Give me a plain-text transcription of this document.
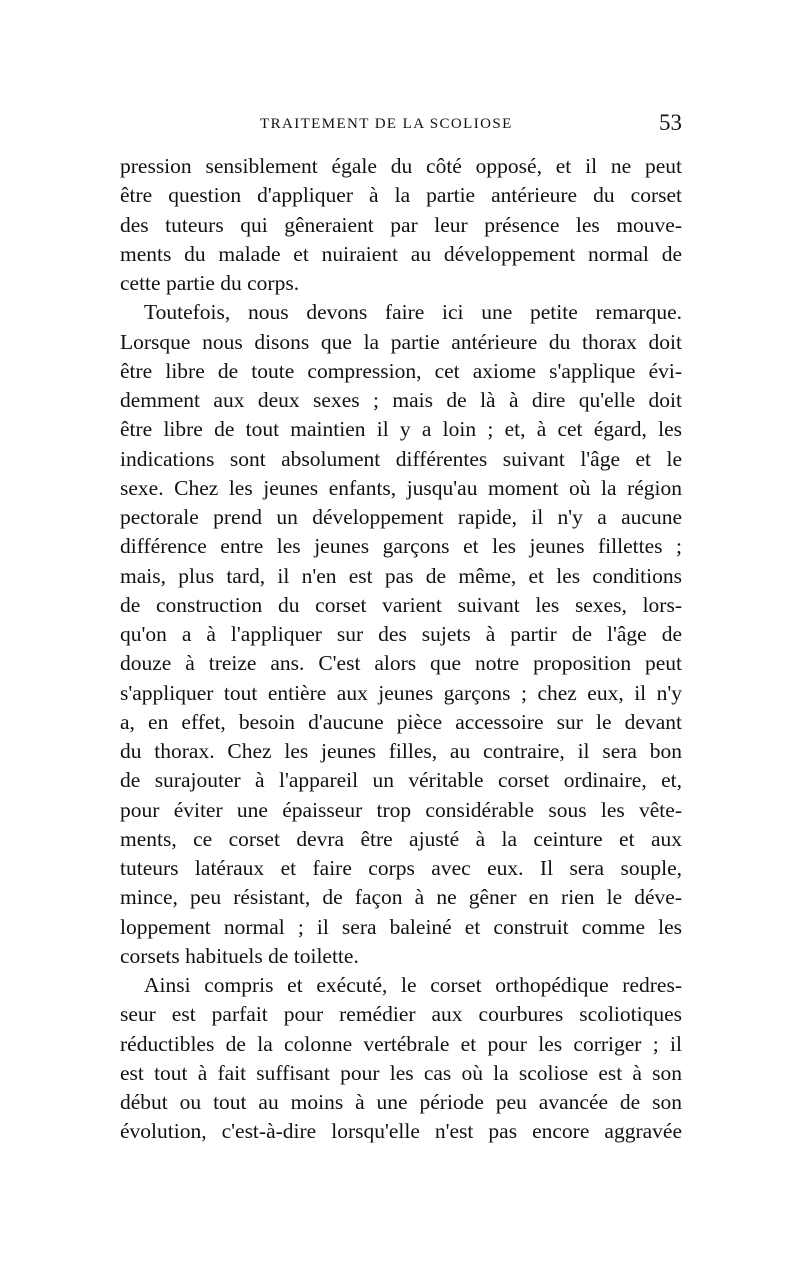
TRAITEMENT DE LA SCOLIOSE	53
pression sensiblement égale du côté opposé, et il ne peut
être question d'appliquer à la partie antérieure du corset
des tuteurs qui gêneraient par leur présence les mouve-
ments du malade et nuiraient au développement normal de
cette partie du corps.
Toutefois, nous devons faire ici une petite remarque.
Lorsque nous disons que la partie antérieure du thorax doit
être libre de toute compression, cet axiome s'applique évi-
demment aux deux sexes ; mais de là à dire qu'elle doit
être libre de tout maintien il y a loin ; et, à cet égard, les
indications sont absolument différentes suivant l'âge et le
sexe. Chez les jeunes enfants, jusqu'au moment où la région
pectorale prend un développement rapide, il n'y a aucune
différence entre les jeunes garçons et les jeunes fillettes ;
mais, plus tard, il n'en est pas de même, et les conditions
de construction du corset varient suivant les sexes, lors-
qu'on a à l'appliquer sur des sujets à partir de l'âge de
douze à treize ans. C'est alors que notre proposition peut
s'appliquer tout entière aux jeunes garçons ; chez eux, il n'y
a, en effet, besoin d'aucune pièce accessoire sur le devant
du thorax. Chez les jeunes filles, au contraire, il sera bon
de surajouter à l'appareil un véritable corset ordinaire, et,
pour éviter une épaisseur trop considérable sous les vête-
ments, ce corset devra être ajusté à la ceinture et aux
tuteurs latéraux et faire corps avec eux. Il sera souple,
mince, peu résistant, de façon à ne gêner en rien le déve-
loppement normal ; il sera baleiné et construit comme les
corsets habituels de toilette.
Ainsi compris et exécuté, le corset orthopédique redres-
seur est parfait pour remédier aux courbures scoliotiques
réductibles de la colonne vertébrale et pour les corriger ; il
est tout à fait suffisant pour les cas où la scoliose est à son
début ou tout au moins à une période peu avancée de son
évolution, c'est-à-dire lorsqu'elle n'est pas encore aggravée
